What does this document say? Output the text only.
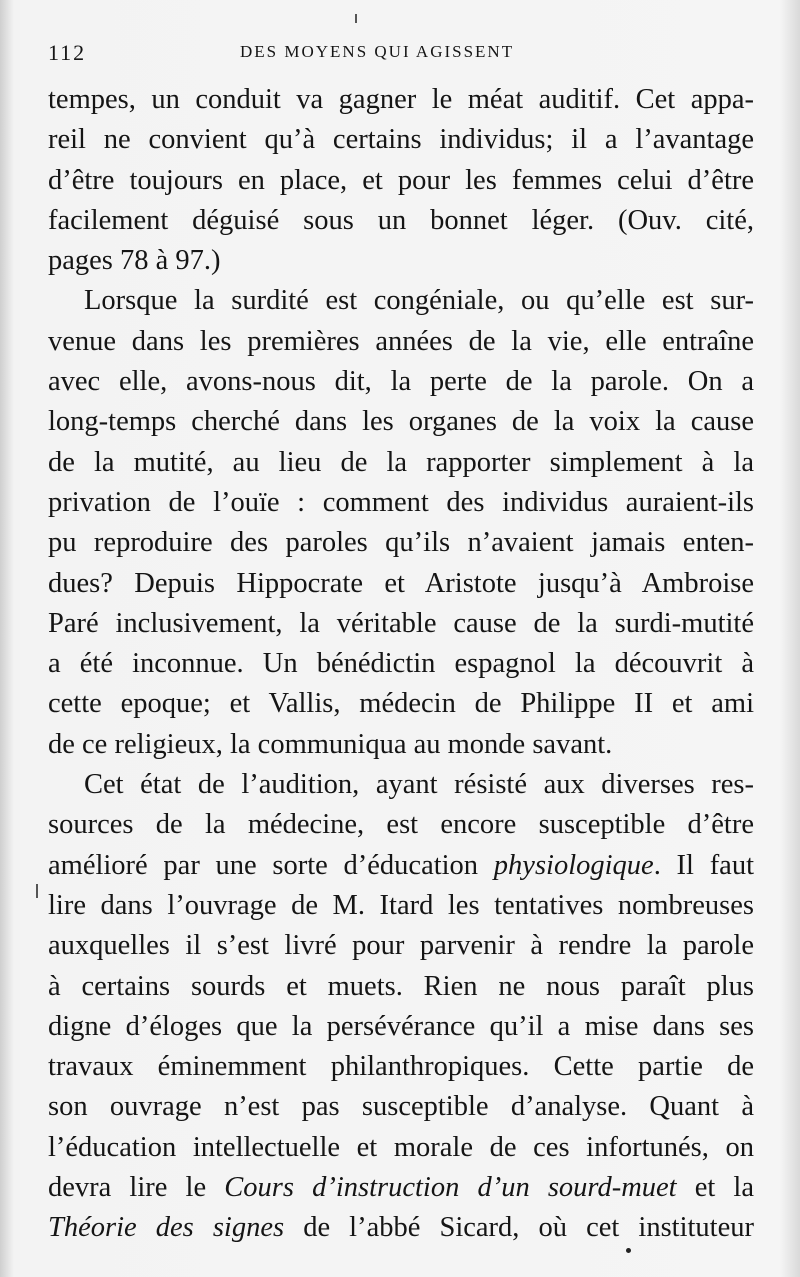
112	DES MOYENS QUI AGISSENT
tempes, un conduit va gagner le méat auditif. Cet appa-
reil ne convient qu’à certains individus; il a l’avantage
d’être toujours en place, et pour les femmes celui d’être
facilement déguisé sous un bonnet léger. (Ouv. cité,
pages 78 à 97.)
Lorsque la surdité est congéniale, ou qu’elle est sur-
venue dans les premières années de la vie, elle entraîne
avec elle, avons-nous dit, la perte de la parole. On a
long-temps cherché dans les organes de la voix la cause
de la mutité, au lieu de la rapporter simplement à la
privation de l’ouïe : comment des individus auraient-ils
pu reproduire des paroles qu’ils n’avaient jamais enten-
dues? Depuis Hippocrate et Aristote jusqu’à Ambroise
Paré inclusivement, la véritable cause de la surdi-mutité
a été inconnue. Un bénédictin espagnol la découvrit à
cette epoque; et Vallis, médecin de Philippe II et ami
de ce religieux, la communiqua au monde savant.
Cet état de l’audition, ayant résisté aux diverses res-
sources de la médecine, est encore susceptible d’être
amélioré par une sorte d’éducation physiologique. Il faut
lire dans l’ouvrage de M. Itard les tentatives nombreuses
auxquelles il s’est livré pour parvenir à rendre la parole
à certains sourds et muets. Rien ne nous paraît plus
digne d’éloges que la persévérance qu’il a mise dans ses
travaux éminemment philanthropiques. Cette partie de
son ouvrage n’est pas susceptible d’analyse. Quant à
l’éducation intellectuelle et morale de ces infortunés, on
devra lire le Cours d’instruction d’un sourd-muet et la
Théorie des signes de l’abbé Sicard, où cet instituteur
